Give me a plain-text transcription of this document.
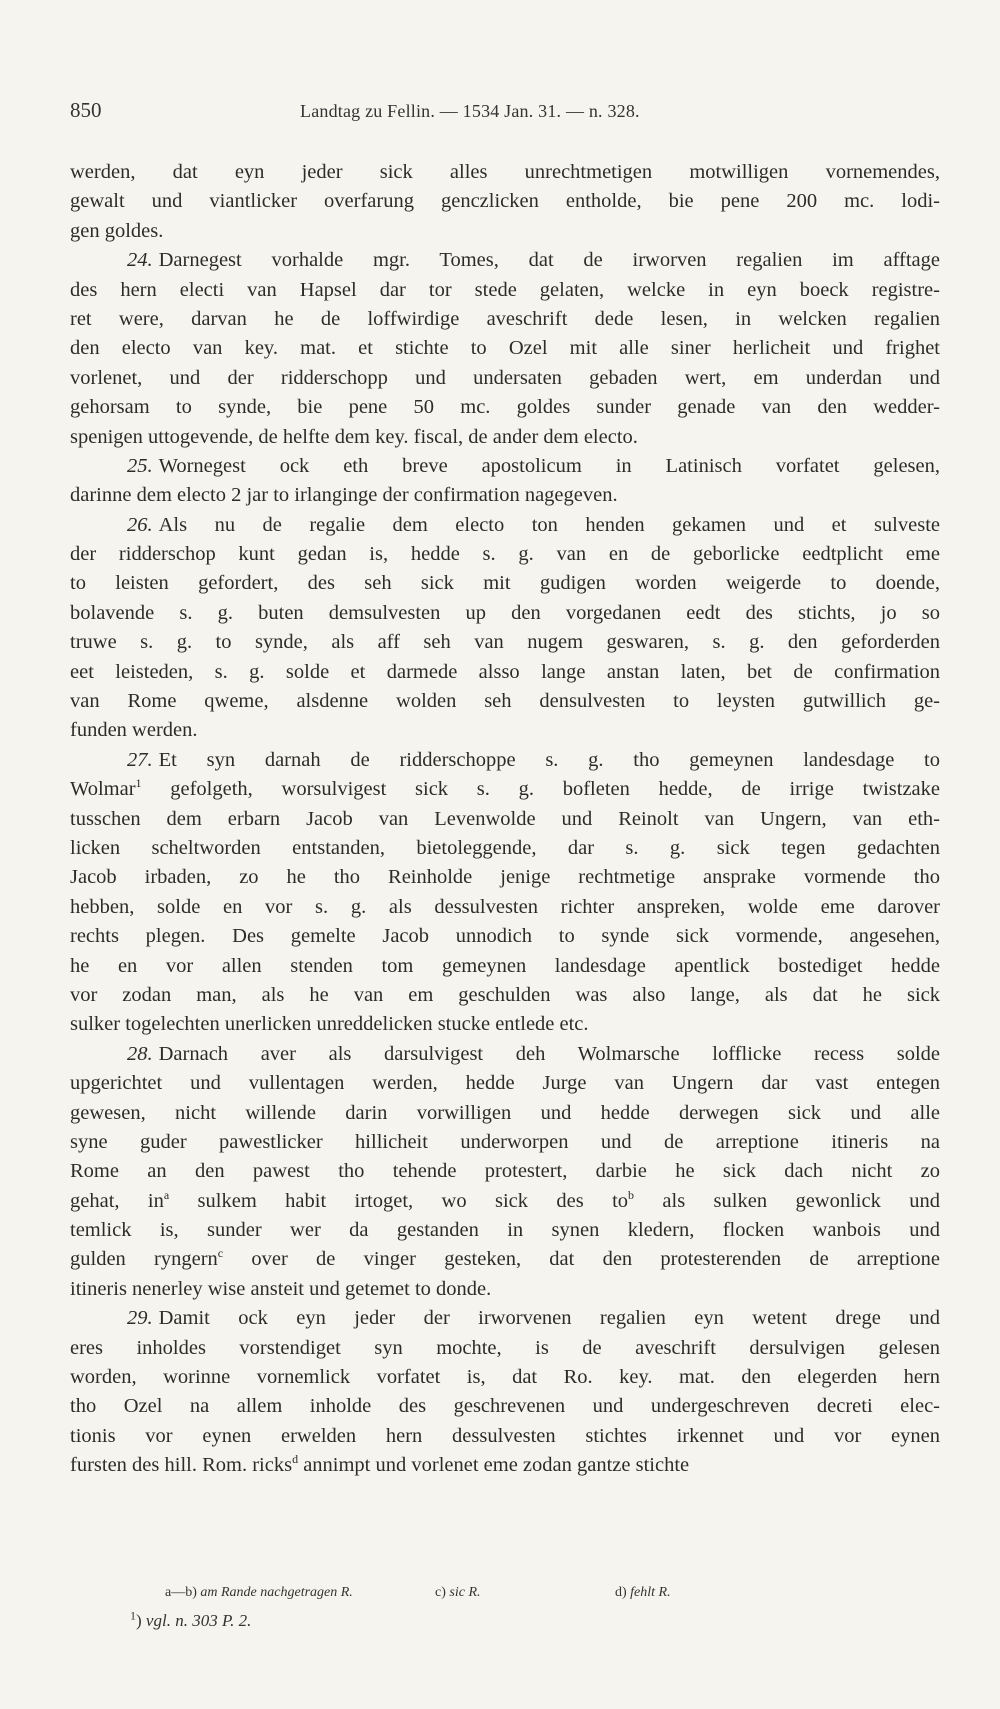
850	Landtag zu Fellin. — 1534 Jan. 31. — n. 328.
werden, dat eyn jeder sick alles unrechtmetigen motwilligen vornemendes,
gewalt und viantlicker overfarung genczlicken entholde, bie pene 200 mc. lodi-
gen goldes.
24. Darnegest vorhalde mgr. Tomes, dat de irworven regalien im afftage
des hern electi van Hapsel dar tor stede gelaten, welcke in eyn boeck registre-
ret were, darvan he de loffwirdige aveschrift dede lesen, in welcken regalien
den electo van key. mat. et stichte to Ozel mit alle siner herlicheit und frighet
vorlenet, und der ridderschopp und undersaten gebaden wert, em underdan und
gehorsam to synde, bie pene 50 mc. goldes sunder genade van den wedder-
spenigen uttogevende, de helfte dem key. fiscal, de ander dem electo.
25. Wornegest ock eth breve apostolicum in Latinisch vorfatet gelesen,
darinne dem electo 2 jar to irlanginge der confirmation nagegeven.
26. Als nu de regalie dem electo ton henden gekamen und et sulveste
der ridderschop kunt gedan is, hedde s. g. van en de geborlicke eedtplicht eme
to leisten gefordert, des seh sick mit gudigen worden weigerde to doende,
bolavende s. g. buten demsulvesten up den vorgedanen eedt des stichts, jo so
truwe s. g. to synde, als aff seh van nugem geswaren, s. g. den geforderden
eet leisteden, s. g. solde et darmede alsso lange anstan laten, bet de confirmation
van Rome qweme, alsdenne wolden seh densulvesten to leysten gutwillich ge-
funden werden.
27. Et syn darnah de ridderschoppe s. g. tho gemeynen landesdage to
Wolmar$^1$ gefolgeth, worsulvigest sick s. g. bofleten hedde, de irrige twistzake
tusschen dem erbarn Jacob van Levenwolde und Reinolt van Ungern, van eth-
licken scheltworden entstanden, bietoleggende, dar s. g. sick tegen gedachten
Jacob irbaden, zo he tho Reinholde jenige rechtmetige ansprake vormende tho
hebben, solde en vor s. g. als dessulvesten richter anspreken, wolde eme darover
rechts plegen. Des gemelte Jacob unnodich to synde sick vormende, angesehen,
he en vor allen stenden tom gemeynen landesdage apentlick bostediget hedde
vor zodan man, als he van em geschulden was also lange, als dat he sick
sulker togelechten unerlicken unreddelicken stucke entlede etc.
28. Darnach aver als darsulvigest deh Wolmarsche lofflicke recess solde
upgerichtet und vullentagen werden, hedde Jurge van Ungern dar vast entegen
gewesen, nicht willende darin vorwilligen und hedde derwegen sick und alle
syne guder pawestlicker hillicheit underworpen und de arreptione itineris na
Rome an den pawest tho tehende protestert, darbie he sick dach nicht zo
gehat, $in^a$ sulkem habit irtoget, wo sick des $to^b$ als sulken gewonlick und
temlick is, sunder wer da gestanden in synen kledern, flocken wanbois und
gulden ryngern$^c$ over de vinger gesteken, dat den protesterenden de arreptione
itineris nenerley wise ansteit und getemet to donde.
29. Damit ock eyn jeder der irworvenen regalien eyn wetent drege und
eres inholdes vorstendiget syn mochte, is de aveschrift dersulvigen gelesen
worden, worinne vornemlick vorfatet is, dat Ro. key. mat. den elegerden hern
tho Ozel na allem inholde des geschrevenen und undergeschreven decreti elec-
tionis vor eynen erwelden hern dessulvesten stichtes irkennet und vor eynen
fursten des hill. Rom. ricks$^d$ annimpt und vorlenet eme zodan gantze stichte
a—b) am Rande nachgetragen R.	c) sic R.	d) fehlt R.
$^1$) vgl. n. 303 P. 2.
